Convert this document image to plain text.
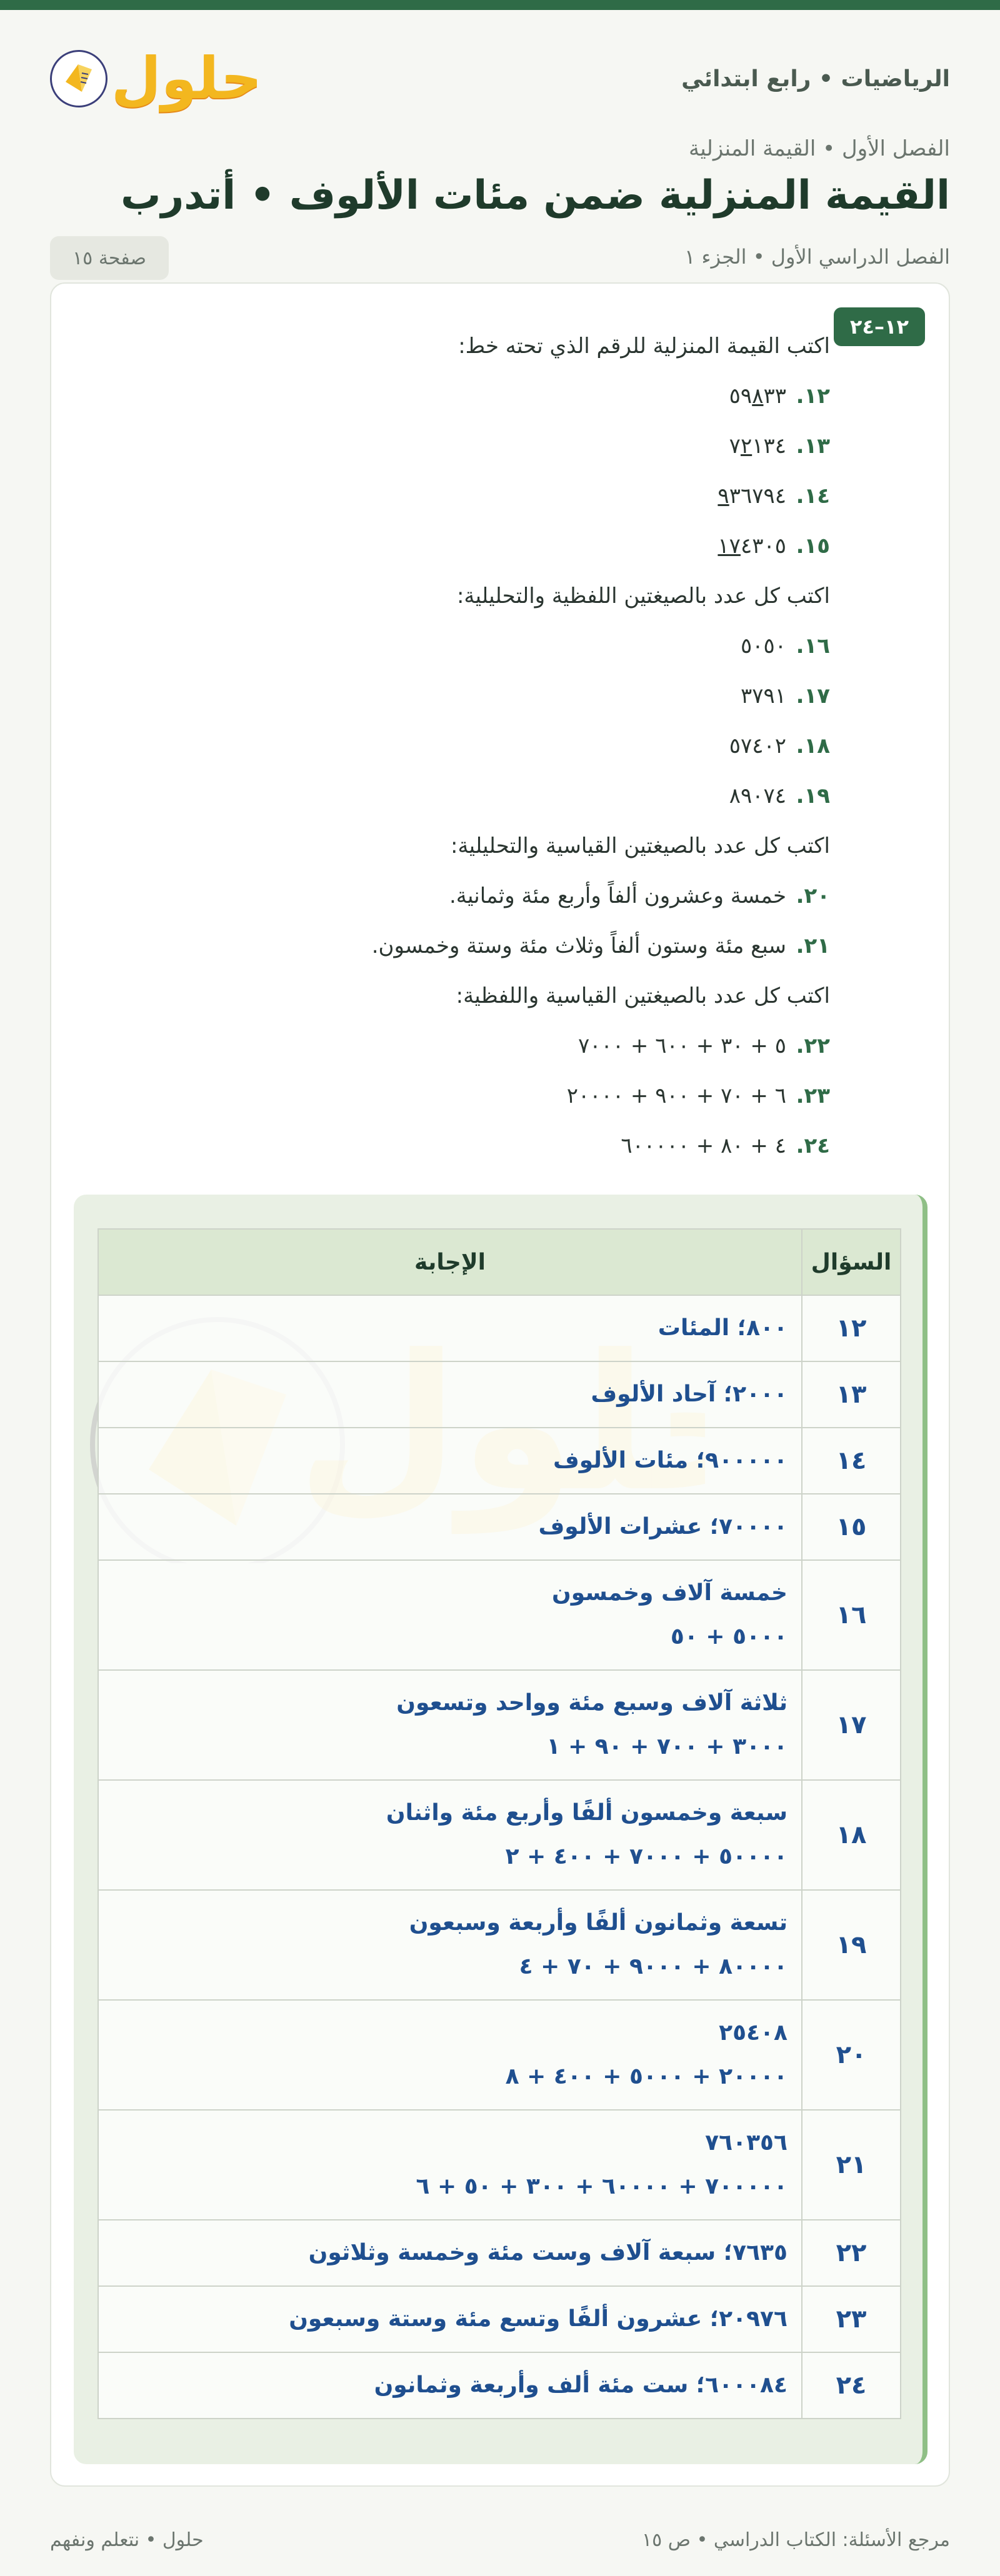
الرياضيات • رابع ابتدائي
حلول
الفصل الأول • القيمة المنزلية
القيمة المنزلية ضمن مئات الألوف • أتدرب
الفصل الدراسي الأول • الجزء ١
صفحة ١٥
١٢–٢٤
اكتب القيمة المنزلية للرقم الذي تحته خط:
١٢.
٥٩٨٣٣
١٣.
٧٢١٣٤
١٤.
٩٣٦٧٩٤
١٥.
١٧٤٣٠٥
اكتب كل عدد بالصيغتين اللفظية والتحليلية:
١٦.
٥٠٥٠
١٧.
٣٧٩١
١٨.
٥٧٤٠٢
١٩.
٨٩٠٧٤
اكتب كل عدد بالصيغتين القياسية والتحليلية:
٢٠.
خمسة وعشرون ألفاً وأربع مئة وثمانية.
٢١.
سبع مئة وستون ألفاً وثلاث مئة وستة وخمسون.
اكتب كل عدد بالصيغتين القياسية واللفظية:
٢٢.
٥ + ٣٠ + ٦٠٠ + ٧٠٠٠
٢٣.
٦ + ٧٠ + ٩٠٠ + ٢٠٠٠٠
٢٤.
٤ + ٨٠ + ٦٠٠٠٠٠
السؤال	الإجابة
١٢	٨٠٠؛ المئات

١٣	٢٠٠٠؛ آحاد الألوف

١٤	٩٠٠٠٠٠؛ مئات الألوف

١٥	٧٠٠٠٠؛ عشرات الألوف

١٦	خمسة آلاف وخمسون
٥٠٠٠ + ٥٠

١٧	ثلاثة آلاف وسبع مئة وواحد وتسعون
٣٠٠٠ + ٧٠٠ + ٩٠ + ١

١٨	سبعة وخمسون ألفًا وأربع مئة واثنان
٥٠٠٠٠ + ٧٠٠٠ + ٤٠٠ + ٢

١٩	تسعة وثمانون ألفًا وأربعة وسبعون
٨٠٠٠٠ + ٩٠٠٠ + ٧٠ + ٤

٢٠	٢٥٤٠٨
٢٠٠٠٠ + ٥٠٠٠ + ٤٠٠ + ٨

٢١	٧٦٠٣٥٦
٧٠٠٠٠٠ + ٦٠٠٠٠ + ٣٠٠ + ٥٠ + ٦

٢٢	٧٦٣٥؛ سبعة آلاف وست مئة وخمسة وثلاثون

٢٣	٢٠٩٧٦؛ عشرون ألفًا وتسع مئة وستة وسبعون

٢٤	٦٠٠٠٨٤؛ ست مئة ألف وأربعة وثمانون
مرجع الأسئلة: الكتاب الدراسي • ص ١٥
حلول • نتعلم ونفهم
